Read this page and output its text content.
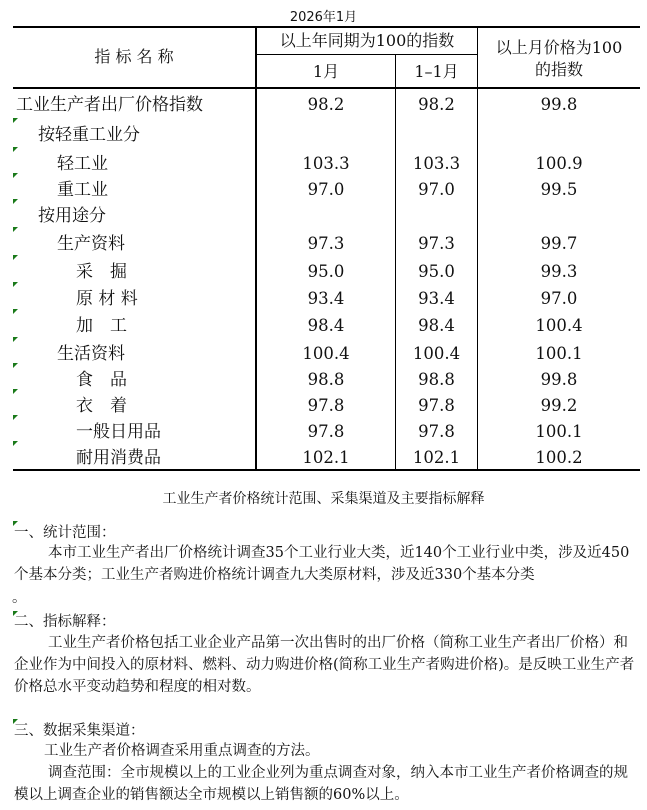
2026年1月
指 标 名 称
以上年同期为100的指数
1月	1–1月
以上月价格为100
的指数
工业生产者出厂价格指数	98.2	98.2	99.8
按轻重工业分
轻工业	103.3	103.3	100.9
重工业	97.0	97.0	99.5
按用途分
生产资料	97.3	97.3	99.7
采　掘	95.0	95.0	99.3
原 材 料	93.4	93.4	97.0
加　工	98.4	98.4	100.4
生活资料	100.4	100.4	100.1
食　品	98.8	98.8	99.8
衣　着	97.8	97.8	99.2
一般日用品	97.8	97.8	100.1
耐用消费品	102.1	102.1	100.2
工业生产者价格统计范围、采集渠道及主要指标解释
一、统计范围：
本市工业生产者出厂价格统计调查35个工业行业大类，近140个工业行业中类，涉及近450个基本分类；工业生产者购进价格统计调查九大类原材料，涉及近330个基本分类
。
二、指标解释：
工业生产者价格包括工业企业产品第一次出售时的出厂价格（简称工业生产者出厂价格）和企业作为中间投入的原材料、燃料、动力购进价格(简称工业生产者购进价格)。是反映工业生产者价格总水平变动趋势和程度的相对数。
三、数据采集渠道：
工业生产者价格调查采用重点调查的方法。
调查范围：全市规模以上的工业企业列为重点调查对象，纳入本市工业生产者价格调查的规模以上调查企业的销售额达全市规模以上销售额的60%以上。
